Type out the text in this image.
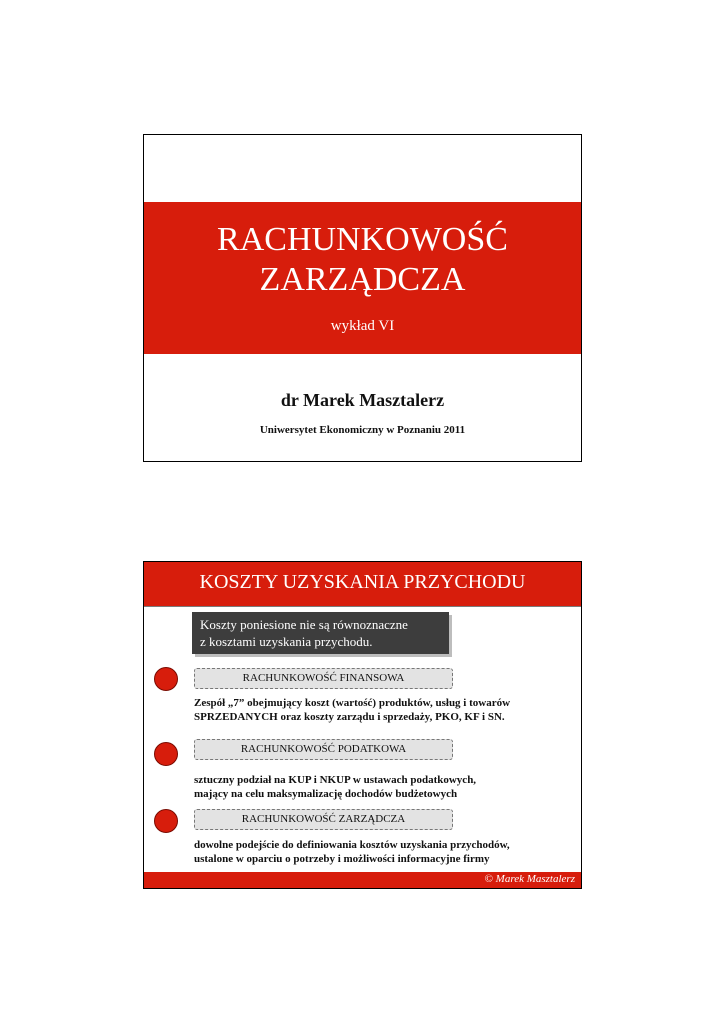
RACHUNKOWOŚĆ
ZARZĄDCZA
wykład VI
dr Marek Masztalerz
Uniwersytet Ekonomiczny w Poznaniu 2011
KOSZTY UZYSKANIA PRZYCHODU
Koszty poniesione nie są równoznaczne
z kosztami uzyskania przychodu.
RACHUNKOWOŚĆ FINANSOWA
Zespół „7” obejmujący koszt (wartość) produktów, usług i towarów
SPRZEDANYCH oraz koszty zarządu i sprzedaży, PKO, KF i SN.
RACHUNKOWOŚĆ PODATKOWA
sztuczny podział na KUP i NKUP w ustawach podatkowych,
mający na celu maksymalizację dochodów budżetowych
RACHUNKOWOŚĆ ZARZĄDCZA
dowolne podejście do definiowania kosztów uzyskania przychodów,
ustalone w oparciu o potrzeby i możliwości informacyjne firmy
© Marek Masztalerz
